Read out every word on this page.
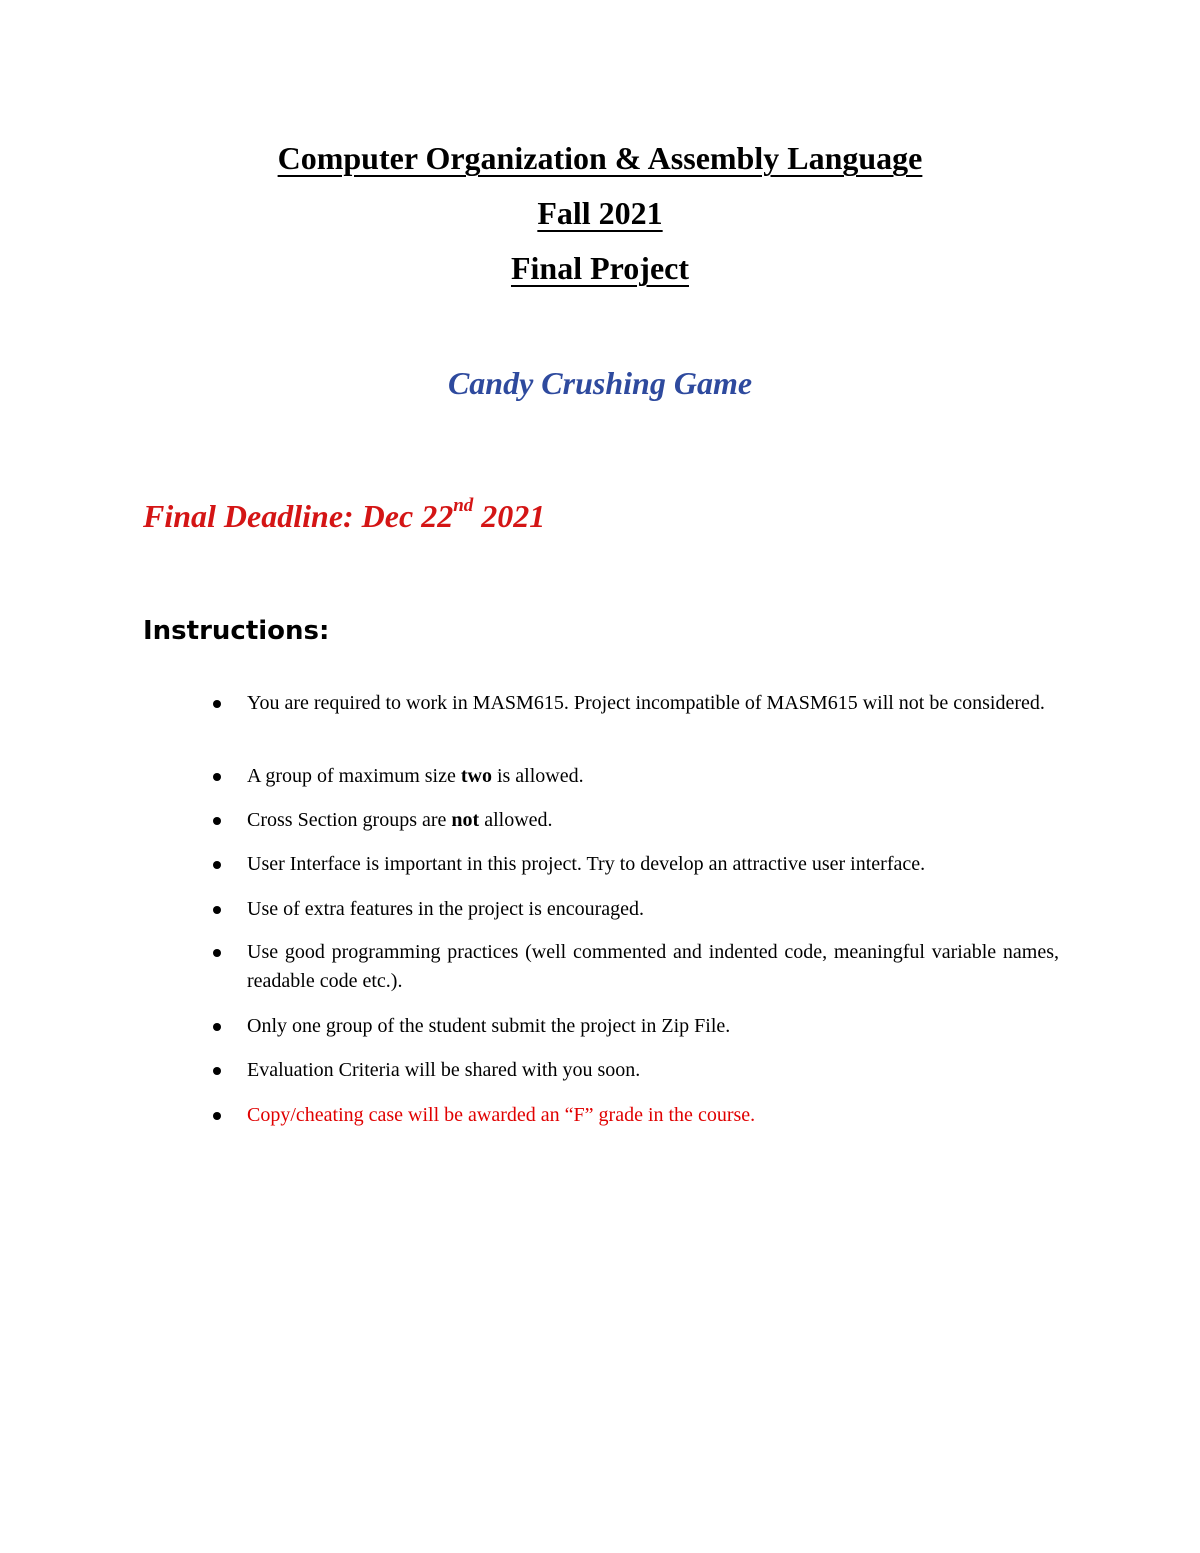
Computer Organization & Assembly Language
Fall 2021
Final Project
Candy Crushing Game
Final Deadline: Dec 22nd 2021
Instructions:
You are required to work in MASM615. Project incompatible of MASM615 will not be considered.
A group of maximum size two is allowed.
Cross Section groups are not allowed.
User Interface is important in this project. Try to develop an attractive user interface.
Use of extra features in the project is encouraged.
Use good programming practices (well commented and indented code, meaningful variable names, readable code etc.).
Only one group of the student submit the project in Zip File.
Evaluation Criteria will be shared with you soon.
Copy/cheating case will be awarded an “F” grade in the course.
